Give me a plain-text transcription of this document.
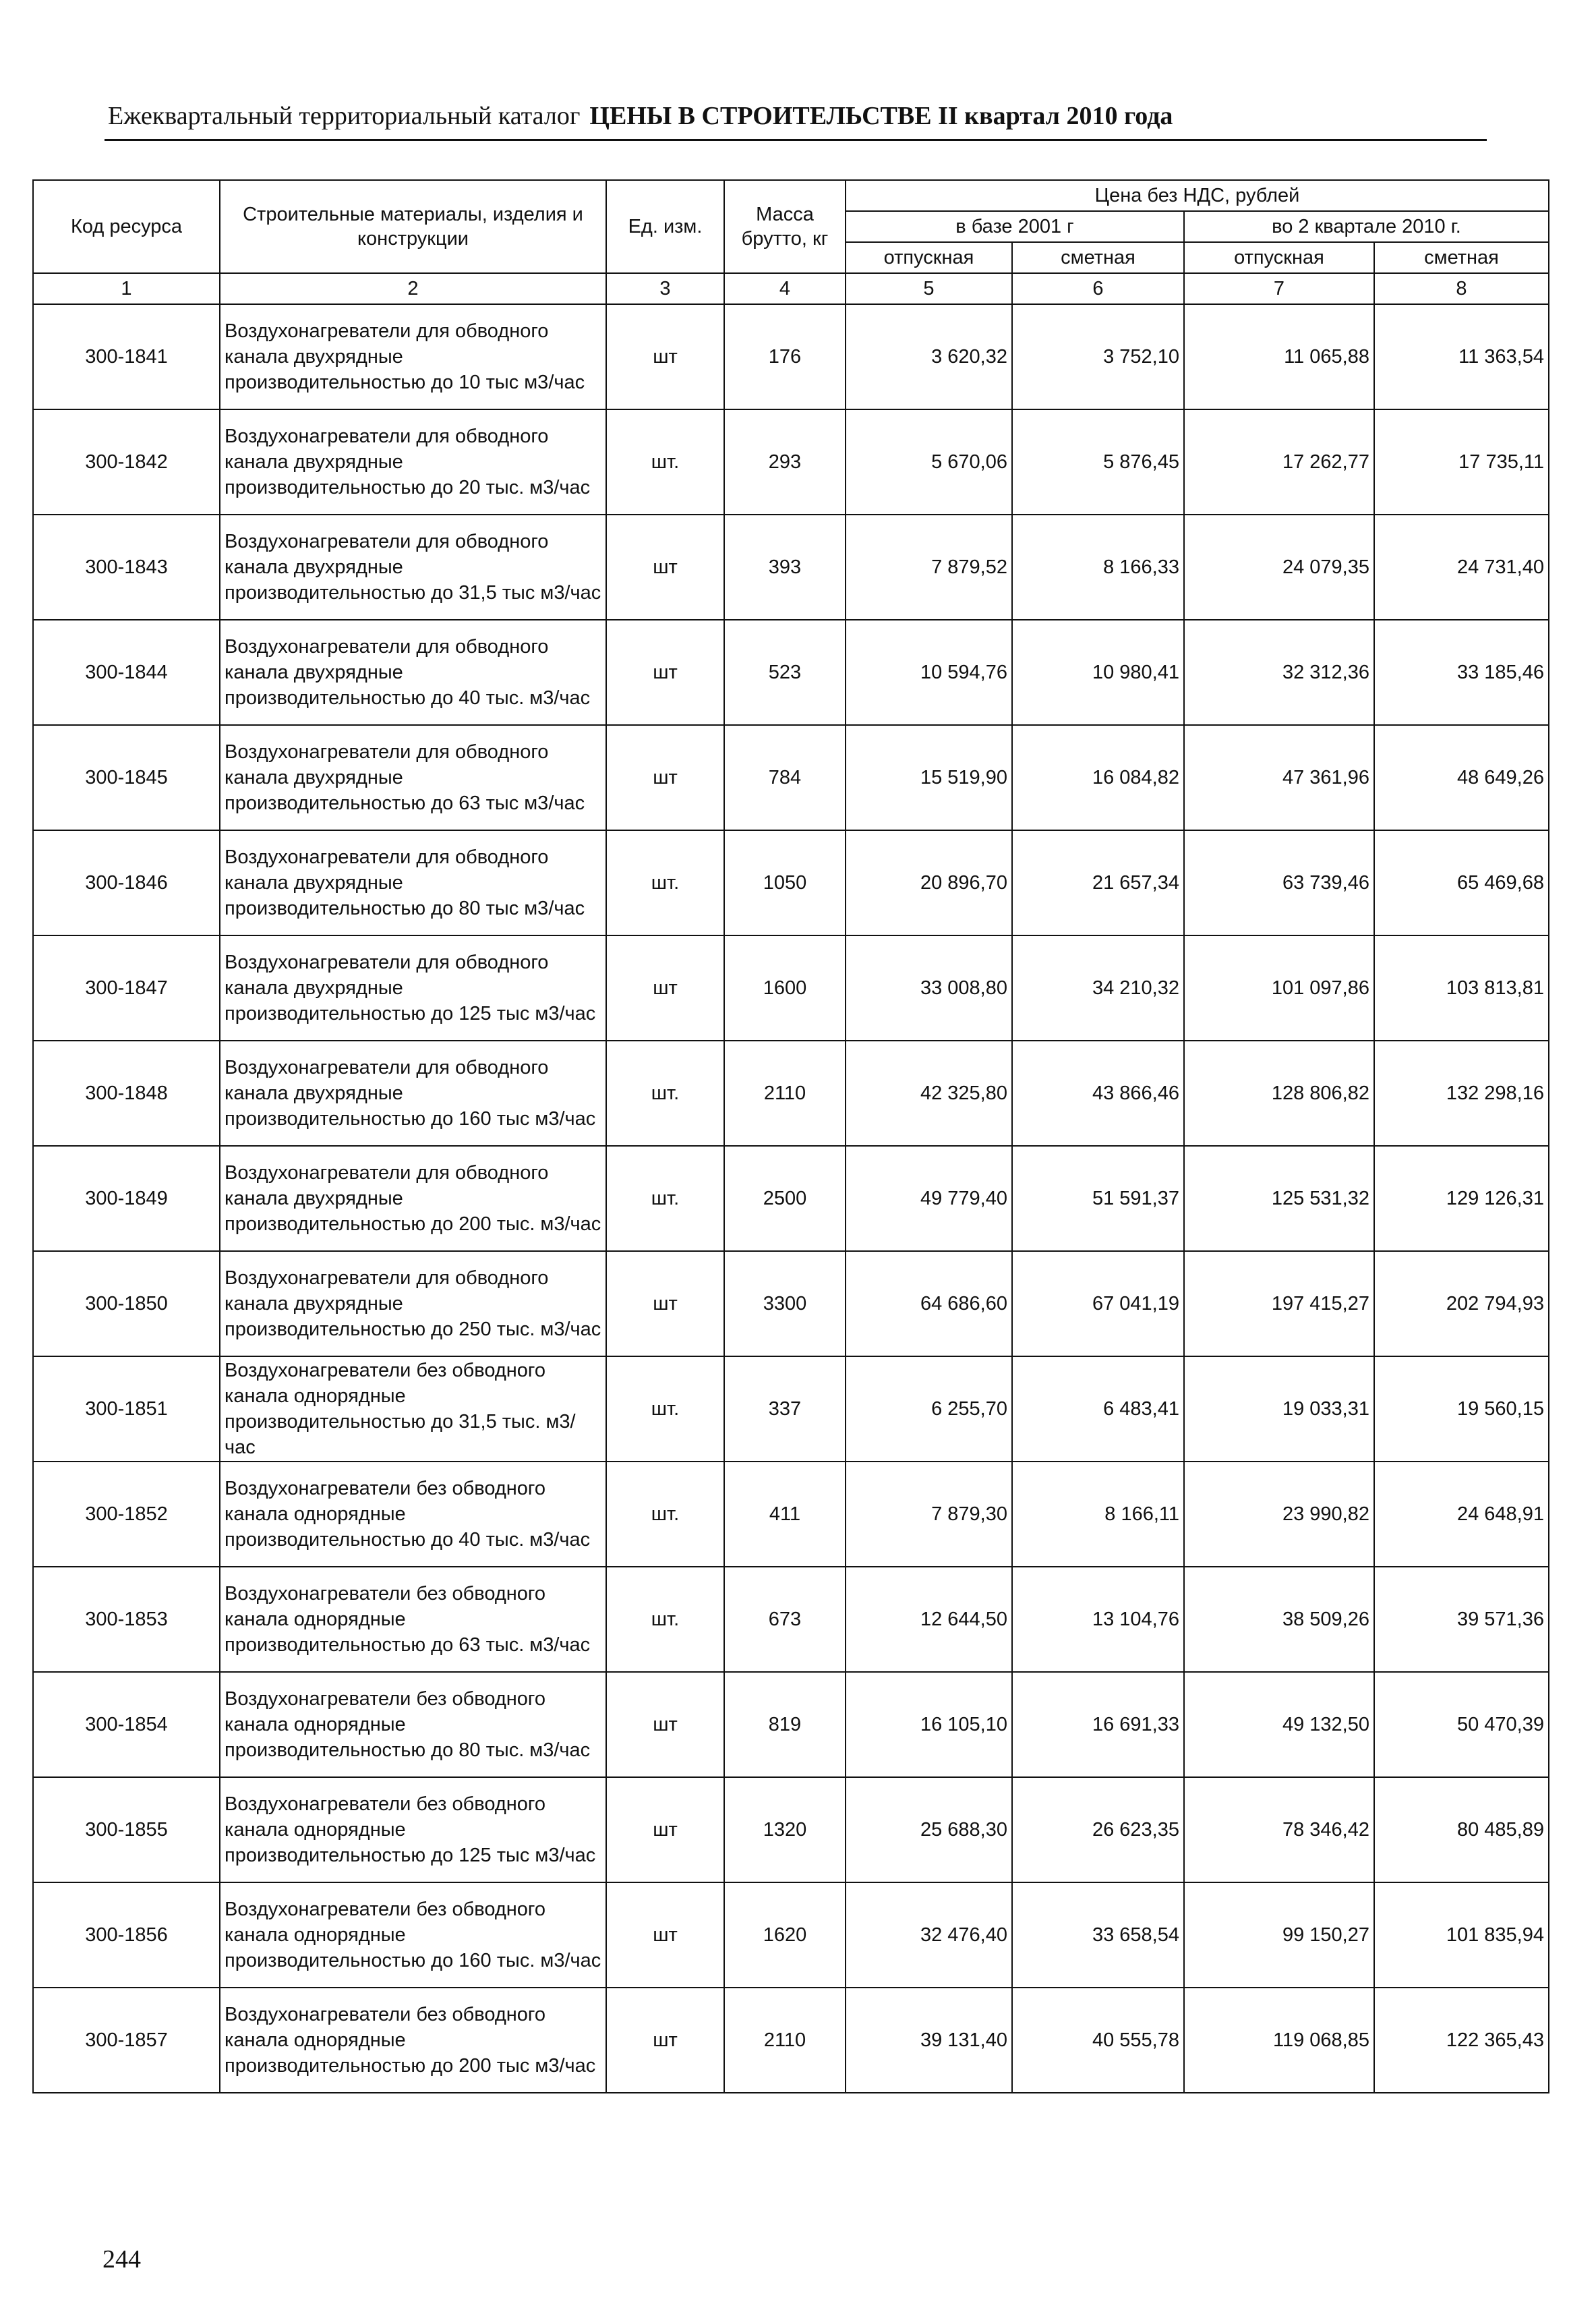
Ежеквартальный территориальный каталог ЦЕНЫ В СТРОИТЕЛЬСТВЕ II квартал 2010 года
Код ресурса	Строительные материалы, изделия и конструкции	Ед. изм.	Масса брутто, кг	Цена без НДС, рублей			
				в базе 2001 г		во 2 квартале 2010 г.	
				отпускная	сметная	отпускная	сметная
1	2	3	4	5	6	7	8
300-1841	Воздухонагреватели для обводного канала двухрядные производительностью до 10 тыс м3/час	шт	176	3 620,32	3 752,10	11 065,88	11 363,54
300-1842	Воздухонагреватели для обводного канала двухрядные производительностью до 20 тыс. м3/час	шт.	293	5 670,06	5 876,45	17 262,77	17 735,11
300-1843	Воздухонагреватели для обводного канала двухрядные производительностью до 31,5 тыс м3/час	шт	393	7 879,52	8 166,33	24 079,35	24 731,40
300-1844	Воздухонагреватели для обводного канала двухрядные производительностью до 40 тыс. м3/час	шт	523	10 594,76	10 980,41	32 312,36	33 185,46
300-1845	Воздухонагреватели для обводного канала двухрядные производительностью до 63 тыс м3/час	шт	784	15 519,90	16 084,82	47 361,96	48 649,26
300-1846	Воздухонагреватели для обводного канала двухрядные производительностью до 80 тыс м3/час	шт.	1050	20 896,70	21 657,34	63 739,46	65 469,68
300-1847	Воздухонагреватели для обводного канала двухрядные производительностью до 125 тыс м3/час	шт	1600	33 008,80	34 210,32	101 097,86	103 813,81
300-1848	Воздухонагреватели для обводного канала двухрядные производительностью до 160 тыс м3/час	шт.	2110	42 325,80	43 866,46	128 806,82	132 298,16
300-1849	Воздухонагреватели для обводного канала двухрядные производительностью до 200 тыс. м3/час	шт.	2500	49 779,40	51 591,37	125 531,32	129 126,31
300-1850	Воздухонагреватели для обводного канала двухрядные производительностью до 250 тыс. м3/час	шт	3300	64 686,60	67 041,19	197 415,27	202 794,93
300-1851	Воздухонагреватели без обводного канала однорядные производительностью до 31,5 тыс. м3/час	шт.	337	6 255,70	6 483,41	19 033,31	19 560,15
300-1852	Воздухонагреватели без обводного канала однорядные производительностью до 40 тыс. м3/час	шт.	411	7 879,30	8 166,11	23 990,82	24 648,91
300-1853	Воздухонагреватели без обводного канала однорядные производительностью до 63 тыс. м3/час	шт.	673	12 644,50	13 104,76	38 509,26	39 571,36
300-1854	Воздухонагреватели без обводного канала однорядные производительностью до 80 тыс. м3/час	шт	819	16 105,10	16 691,33	49 132,50	50 470,39
300-1855	Воздухонагреватели без обводного канала однорядные производительностью до 125 тыс м3/час	шт	1320	25 688,30	26 623,35	78 346,42	80 485,89
300-1856	Воздухонагреватели без обводного канала однорядные производительностью до 160 тыс. м3/час	шт	1620	32 476,40	33 658,54	99 150,27	101 835,94
300-1857	Воздухонагреватели без обводного канала однорядные производительностью до 200 тыс м3/час	шт	2110	39 131,40	40 555,78	119 068,85	122 365,43
244
